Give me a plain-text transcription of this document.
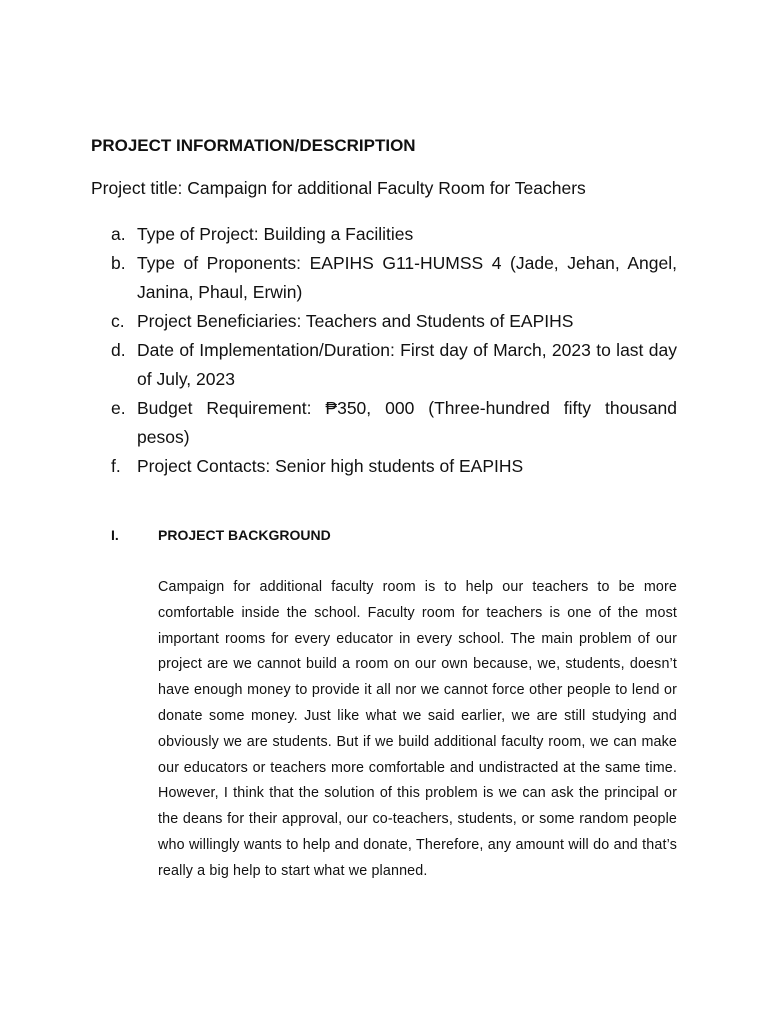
PROJECT INFORMATION/DESCRIPTION
Project title: Campaign for additional Faculty Room for Teachers
a. Type of Project: Building a Facilities
b. Type of Proponents: EAPIHS G11-HUMSS 4 (Jade, Jehan, Angel, Janina, Phaul, Erwin)
c. Project Beneficiaries: Teachers and Students of EAPIHS
d. Date of Implementation/Duration: First day of March, 2023 to last day of July, 2023
e. Budget Requirement: ₱350, 000 (Three-hundred fifty thousand pesos)
f. Project Contacts: Senior high students of EAPIHS
I.	PROJECT BACKGROUND

Campaign for additional faculty room is to help our teachers to be more comfortable inside the school. Faculty room for teachers is one of the most important rooms for every educator in every school. The main problem of our project are we cannot build a room on our own because, we, students, doesn’t have enough money to provide it all nor we cannot force other people to lend or donate some money. Just like what we said earlier, we are still studying and obviously we are students. But if we build additional faculty room, we can make our educators or teachers more comfortable and undistracted at the same time. However, I think that the solution of this problem is we can ask the principal or the deans for their approval, our co-teachers, students, or some random people who willingly wants to help and donate, Therefore, any amount will do and that’s really a big help to start what we planned.
